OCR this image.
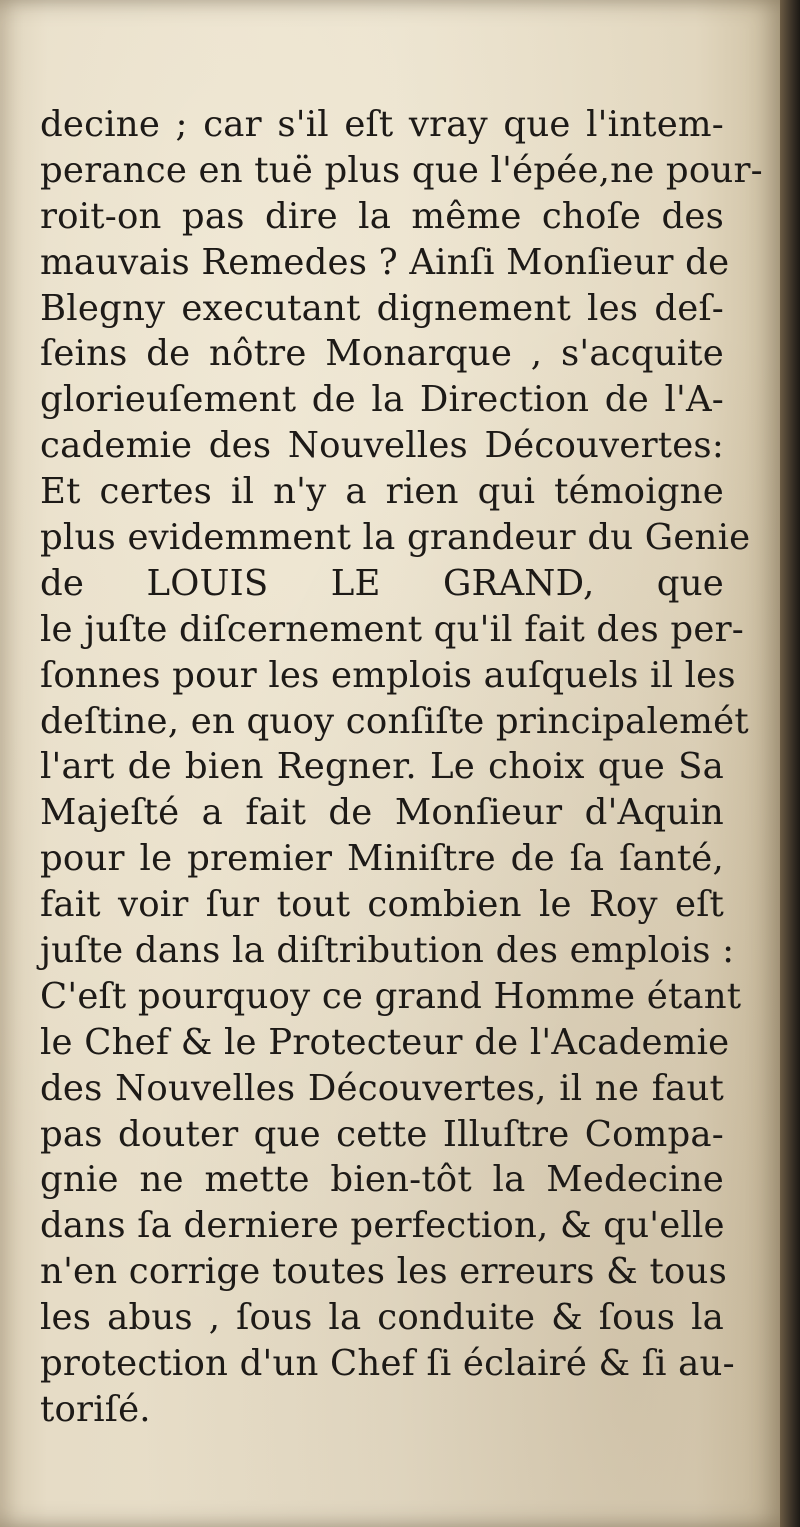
decine ; car s'il eſt vray que l'intem-
perance en tuë plus que l'épée,ne pour-
roit-on pas dire la même choſe des
mauvais Remedes ? Ainſi Monſieur de
Blegny executant dignement les deſ-
ſeins de nôtre Monarque , s'acquite
glorieuſement de la Direction de l'A-
cademie des Nouvelles Découvertes:
Et certes il n'y a rien qui témoigne
plus evidemment la grandeur du Genie
de LOUIS LE GRAND, que
le juſte diſcernement qu'il fait des per-
ſonnes pour les emplois auſquels il les
deſtine, en quoy conſiſte principalemét
l'art de bien Regner. Le choix que Sa
Majeſté a fait de Monſieur d'Aquin
pour le premier Miniſtre de ſa ſanté,
fait voir ſur tout combien le Roy eſt
juſte dans la diſtribution des emplois :
C'eſt pourquoy ce grand Homme étant
le Chef & le Protecteur de l'Academie
des Nouvelles Découvertes, il ne faut
pas douter que cette Illuſtre Compa-
gnie ne mette bien-tôt la Medecine
dans ſa derniere perfection, & qu'elle
n'en corrige toutes les erreurs & tous
les abus , ſous la conduite & ſous la
protection d'un Chef ſi éclairé & ſi au-
toriſé.
